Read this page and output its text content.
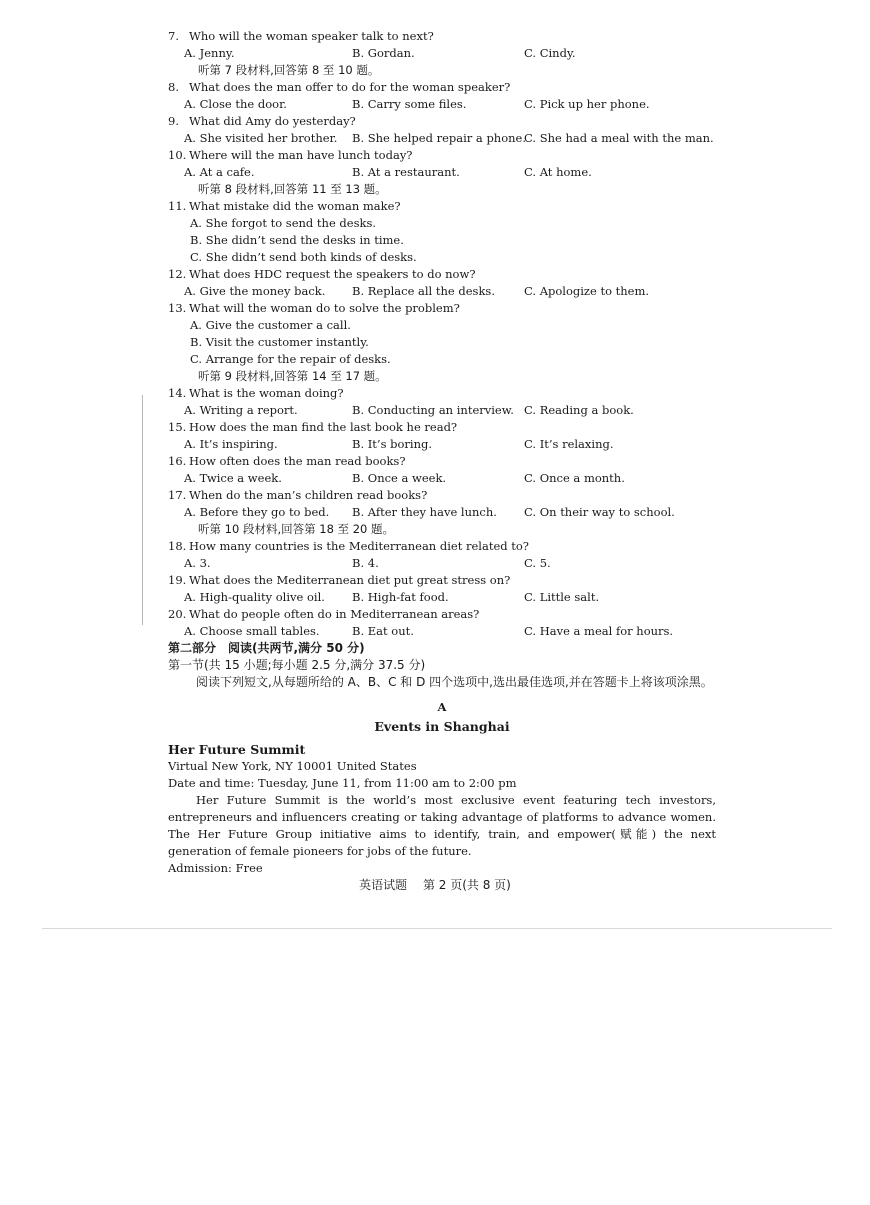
7. Who will the woman speaker talk to next?
A. Jenny.	B. Gordan.	C. Cindy.
听第 7 段材料,回答第 8 至 10 题。
8. What does the man offer to do for the woman speaker?
A. Close the door.	B. Carry some files.	C. Pick up her phone.
9. What did Amy do yesterday?
A. She visited her brother.	B. She helped repair a phone.
C. She had a meal with the man.
10. Where will the man have lunch today?
A. At a cafe.	B. At a restaurant.	C. At home.
听第 8 段材料,回答第 11 至 13 题。
11. What mistake did the woman make?
A. She forgot to send the desks.
B. She didn’t send the desks in time.
C. She didn’t send both kinds of desks.
12. What does HDC request the speakers to do now?
A. Give the money back.	B. Replace all the desks.	C. Apologize to them.
13. What will the woman do to solve the problem?
A. Give the customer a call.
B. Visit the customer instantly.
C. Arrange for the repair of desks.
听第 9 段材料,回答第 14 至 17 题。
14. What is the woman doing?
A. Writing a report.	B. Conducting an interview. C. Reading a book.
15. How does the man find the last book he read?
A. It’s inspiring.	B. It’s boring.	C. It’s relaxing.
16. How often does the man read books?
A. Twice a week.	B. Once a week.	C. Once a month.
17. When do the man’s children read books?
A. Before they go to bed.	B. After they have lunch.	C. On their way to school.
听第 10 段材料,回答第 18 至 20 题。
18. How many countries is the Mediterranean diet related to?
A. 3.	B. 4.	C. 5.
19. What does the Mediterranean diet put great stress on?
A. High-quality olive oil.	B. High-fat food.	C. Little salt.
20. What do people often do in Mediterranean areas?
A. Choose small tables.	B. Eat out.	C. Have a meal for hours.
第二部分　阅读(共两节,满分 50 分)
第一节(共 15 小题;每小题 2.5 分,满分 37.5 分)
阅读下列短文,从每题所给的 A、B、C 和 D 四个选项中,选出最佳选项,并在答题卡上将该项涂黑。
A
Events in Shanghai
Her Future Summit
Virtual New York, NY 10001 United States
Date and time: Tuesday, June 11, from 11:00 am to 2:00 pm
Her Future Summit is the world’s most exclusive event featuring tech investors, entrepreneurs and influencers creating or taking advantage of platforms to advance women. The Her Future Group initiative aims to identify, train, and empower(赋能) the next generation of female pioneers for jobs of the future.
Admission: Free
英语试题 第 2 页(共 8 页)
